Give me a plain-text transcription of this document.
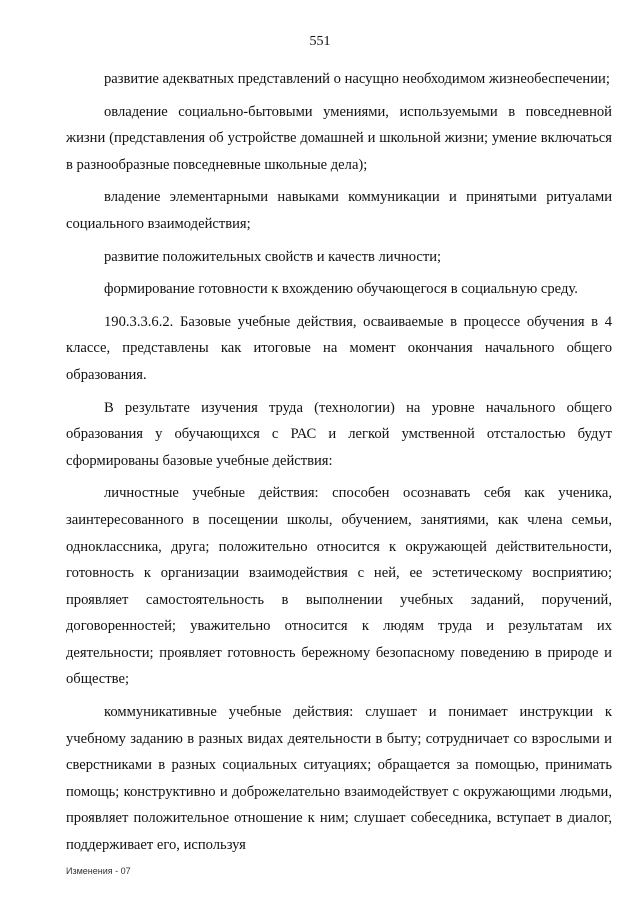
551

развитие адекватных представлений о насущно необходимом жизнеобеспечении;

овладение социально-бытовыми умениями, используемыми в повседневной жизни (представления об устройстве домашней и школьной жизни; умение включаться в разнообразные повседневные школьные дела);

владение элементарными навыками коммуникации и принятыми ритуалами социального взаимодействия;

развитие положительных свойств и качеств личности;

формирование готовности к вхождению обучающегося в социальную среду.

190.3.3.6.2. Базовые учебные действия, осваиваемые в процессе обучения в 4 классе, представлены как итоговые на момент окончания начального общего образования.

В результате изучения труда (технологии) на уровне начального общего образования у обучающихся с РАС и легкой умственной отсталостью будут сформированы базовые учебные действия:

личностные учебные действия: способен осознавать себя как ученика, заинтересованного в посещении школы, обучением, занятиями, как члена семьи, одноклассника, друга; положительно относится к окружающей действительности, готовность к организации взаимодействия с ней, ее эстетическому восприятию; проявляет самостоятельность в выполнении учебных заданий, поручений, договоренностей; уважительно относится к людям труда и результатам их деятельности; проявляет готовность бережному безопасному поведению в природе и обществе;

коммуникативные учебные действия: слушает и понимает инструкции к учебному заданию в разных видах деятельности в быту; сотрудничает со взрослыми и сверстниками в разных социальных ситуациях; обращается за помощью, принимать помощь; конструктивно и доброжелательно взаимодействует с окружающими людьми, проявляет положительное отношение к ним; слушает собеседника, вступает в диалог, поддерживает его, используя

Изменения - 07
